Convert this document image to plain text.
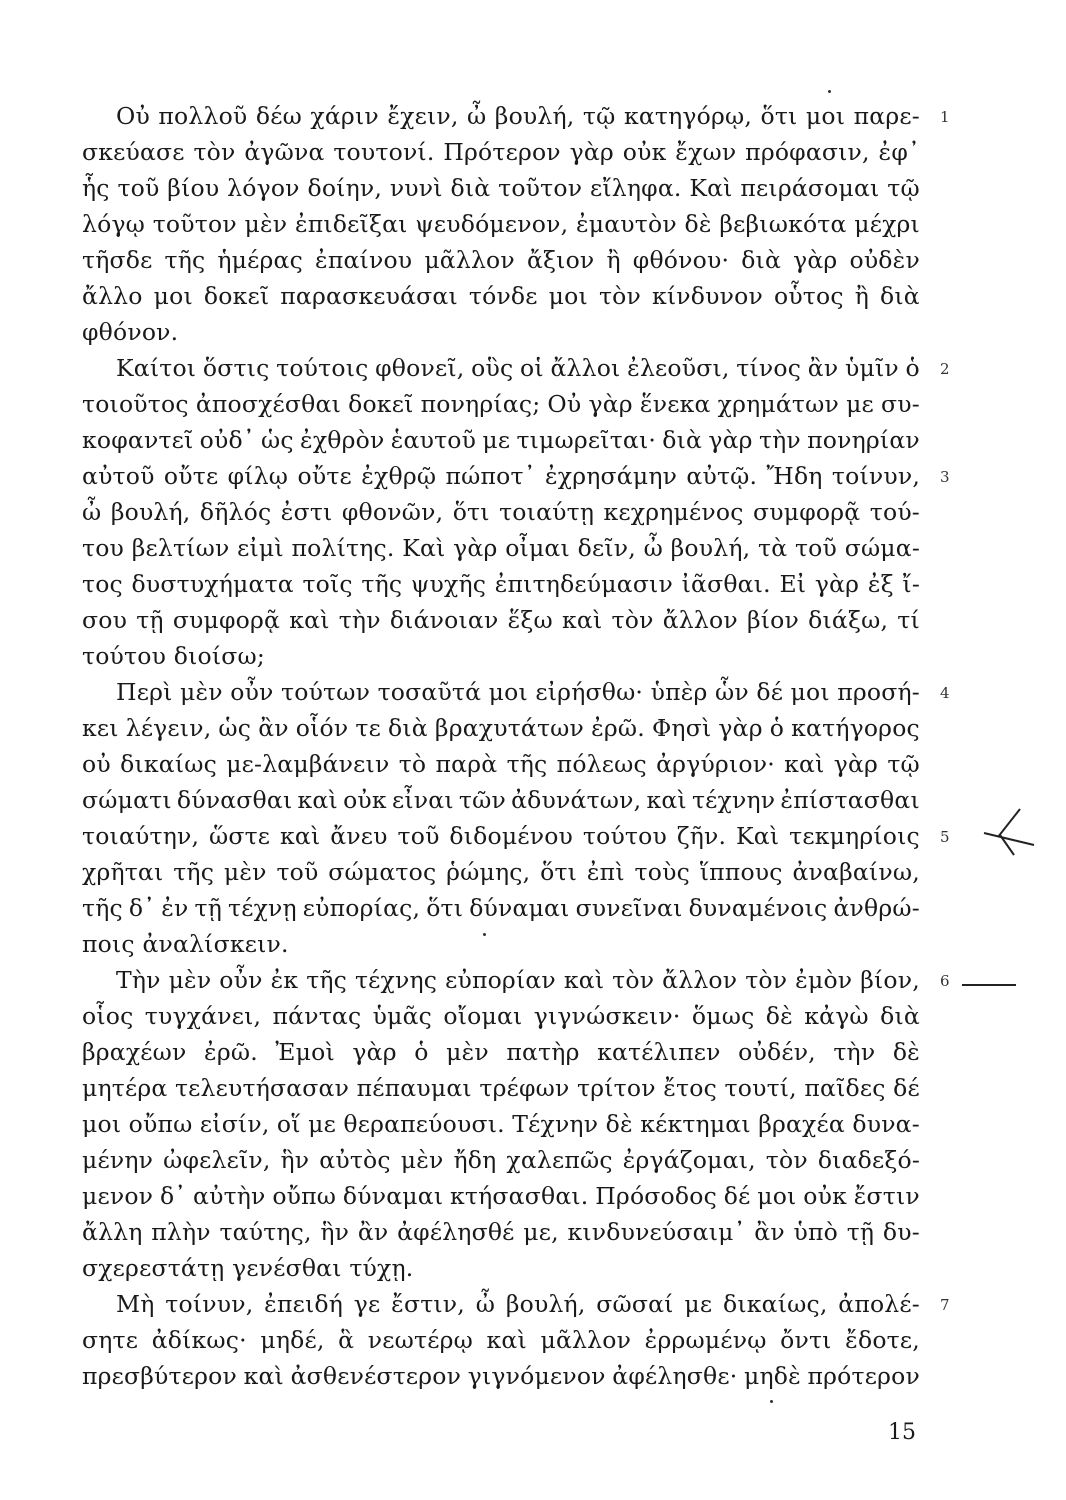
Οὐ πολλοῦ δέω χάριν ἔχειν, ὦ βουλή, τῷ κατηγόρῳ, ὅτι μοι παρε-
σκεύασε τὸν ἀγῶνα τουτονί. Πρότερον γὰρ οὐκ ἔχων πρόφασιν, ἐφ᾽
ἧς τοῦ βίου λόγον δοίην, νυνὶ διὰ τοῦτον εἴληφα. Καὶ πειράσομαι τῷ
λόγῳ τοῦτον μὲν ἐπιδεῖξαι ψευδόμενον, ἐμαυτὸν δὲ βεβιωκότα μέχρι
τῆσδε τῆς ἡμέρας ἐπαίνου μᾶλλον ἄξιον ἢ φθόνου· διὰ γὰρ οὐδὲν
ἄλλο μοι δοκεῖ παρασκευάσαι τόνδε μοι τὸν κίνδυνον οὗτος ἢ διὰ
φθόνον.
Καίτοι ὅστις τούτοις φθονεῖ, οὓς οἱ ἄλλοι ἐλεοῦσι, τίνος ἂν ὑμῖν ὁ
τοιοῦτος ἀποσχέσθαι δοκεῖ πονηρίας; Οὐ γὰρ ἕνεκα χρημάτων με συ-
κοφαντεῖ οὐδ᾽ ὡς ἐχθρὸν ἑαυτοῦ με τιμωρεῖται· διὰ γὰρ τὴν πονηρίαν
αὐτοῦ οὔτε φίλῳ οὔτε ἐχθρῷ πώποτ᾽ ἐχρησάμην αὐτῷ. Ἤδη τοίνυν,
ὦ βουλή, δῆλός ἐστι φθονῶν, ὅτι τοιαύτῃ κεχρημένος συμφορᾷ τού-
του βελτίων εἰμὶ πολίτης. Καὶ γὰρ οἶμαι δεῖν, ὦ βουλή, τὰ τοῦ σώμα-
τος δυστυχήματα τοῖς τῆς ψυχῆς ἐπιτηδεύμασιν ἰᾶσθαι. Εἰ γὰρ ἐξ ἴ-
σου τῇ συμφορᾷ καὶ τὴν διάνοιαν ἕξω καὶ τὸν ἄλλον βίον διάξω, τί
τούτου διοίσω;
Περὶ μὲν οὖν τούτων τοσαῦτά μοι εἰρήσθω· ὑπὲρ ὧν δέ μοι προσή-
κει λέγειν, ὡς ἂν οἷόν τε διὰ βραχυτάτων ἐρῶ. Φησὶ γὰρ ὁ κατήγορος
οὐ δικαίως με-λαμβάνειν τὸ παρὰ τῆς πόλεως ἀργύριον· καὶ γὰρ τῷ
σώματι δύνασθαι καὶ οὐκ εἶναι τῶν ἀδυνάτων, καὶ τέχνην ἐπίστασθαι
τοιαύτην, ὥστε καὶ ἄνευ τοῦ διδομένου τούτου ζῆν. Καὶ τεκμηρίοις
χρῆται τῆς μὲν τοῦ σώματος ῥώμης, ὅτι ἐπὶ τοὺς ἵππους ἀναβαίνω,
τῆς δ᾽ ἐν τῇ τέχνῃ εὐπορίας, ὅτι δύναμαι συνεῖναι δυναμένοις ἀνθρώ-
ποις ἀναλίσκειν.
Τὴν μὲν οὖν ἐκ τῆς τέχνης εὐπορίαν καὶ τὸν ἄλλον τὸν ἐμὸν βίον,
οἷος τυγχάνει, πάντας ὑμᾶς οἴομαι γιγνώσκειν· ὅμως δὲ κἀγὼ διὰ
βραχέων ἐρῶ. Ἐμοὶ γὰρ ὁ μὲν πατὴρ κατέλιπεν οὐδέν, τὴν δὲ
μητέρα τελευτήσασαν πέπαυμαι τρέφων τρίτον ἔτος τουτί, παῖδες δέ
μοι οὔπω εἰσίν, οἵ με θεραπεύουσι. Τέχνην δὲ κέκτημαι βραχέα δυνα-
μένην ὠφελεῖν, ἣν αὐτὸς μὲν ἤδη χαλεπῶς ἐργάζομαι, τὸν διαδεξό-
μενον δ᾽ αὐτὴν οὔπω δύναμαι κτήσασθαι. Πρόσοδος δέ μοι οὐκ ἔστιν
ἄλλη πλὴν ταύτης, ἣν ἂν ἀφέλησθέ με, κινδυνεύσαιμ᾽ ἂν ὑπὸ τῇ δυ-
σχερεστάτῃ γενέσθαι τύχῃ.
Μὴ τοίνυν, ἐπειδή γε ἔστιν, ὦ βουλή, σῶσαί με δικαίως, ἀπολέ-
σητε ἀδίκως· μηδέ, ἃ νεωτέρῳ καὶ μᾶλλον ἐρρωμένῳ ὄντι ἔδοτε,
πρεσβύτερον καὶ ἀσθενέστερον γιγνόμενον ἀφέλησθε· μηδὲ πρότερον
1
2
3
4
5
6
7
15
